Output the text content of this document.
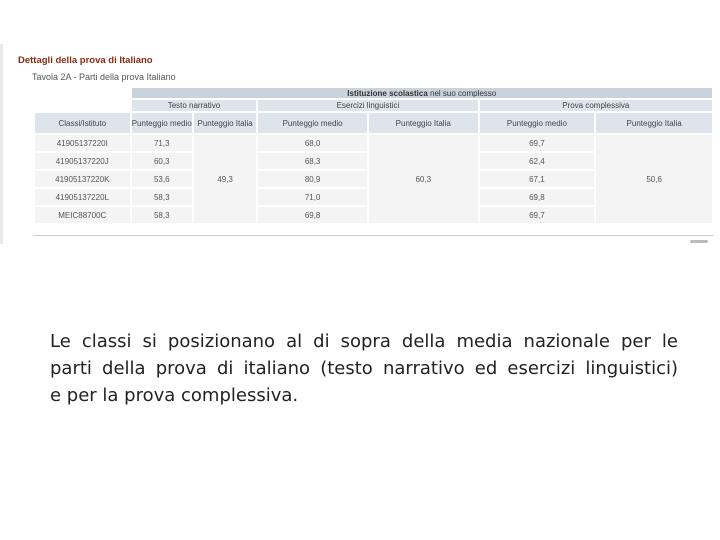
Dettagli della prova di Italiano
Tavola 2A - Parti della prova Italiano
	Istituzione scolastica nel suo complesso					
	Testo narrativo		Esercizi linguistici		Prova complessiva	
Classi/Istituto	Punteggio medio	Punteggio Italia	Punteggio medio	Punteggio Italia	Punteggio medio	Punteggio Italia
41905137220I	71,3	49,3	68,0	60,3	69,7	50,6
41905137220J	60,3		68,3		62,4	
41905137220K	53,6		80,9		67,1	
41905137220L	58,3		71,0		69,8	
MEIC88700C	58,3		69,8		69,7	
Le classi si posizionano al di sopra della media nazionale per le
parti della prova di italiano (testo narrativo ed esercizi linguistici)
e per la prova complessiva.
